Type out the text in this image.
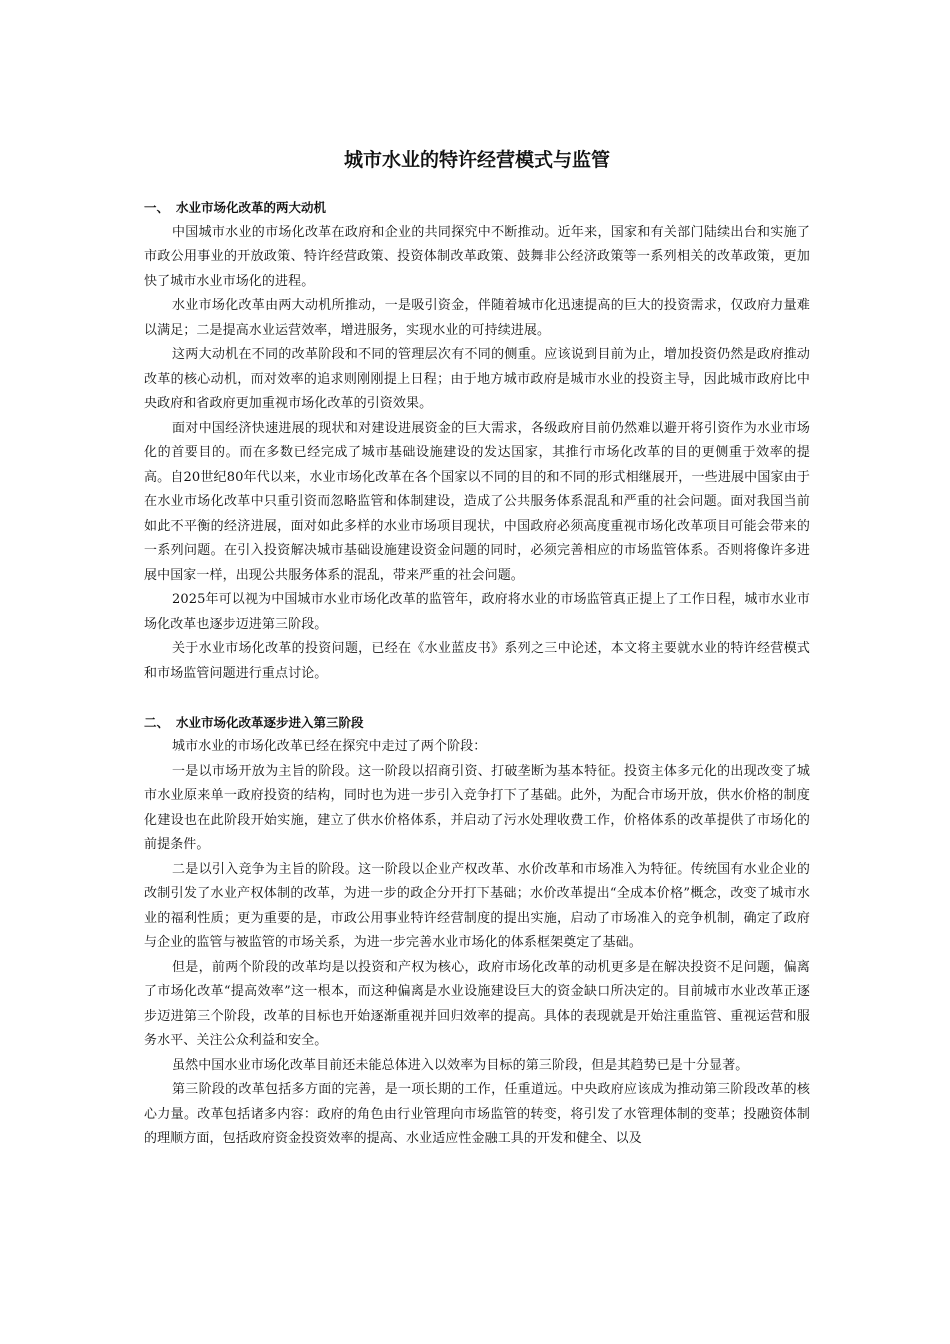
城市水业的特许经营模式与监管
一、 水业市场化改革的两大动机

中国城市水业的市场化改革在政府和企业的共同探究中不断推动。近年来，国家和有关部门陆续出台和实施了市政公用事业的开放政策、特许经营政策、投资体制改革政策、鼓舞非公经济政策等一系列相关的改革政策，更加快了城市水业市场化的进程。

水业市场化改革由两大动机所推动，一是吸引资金，伴随着城市化迅速提高的巨大的投资需求，仅政府力量难以满足；二是提高水业运营效率，增进服务，实现水业的可持续进展。

这两大动机在不同的改革阶段和不同的管理层次有不同的侧重。应该说到目前为止，增加投资仍然是政府推动改革的核心动机，而对效率的追求则刚刚提上日程；由于地方城市政府是城市水业的投资主导，因此城市政府比中央政府和省政府更加重视市场化改革的引资效果。

面对中国经济快速进展的现状和对建设进展资金的巨大需求，各级政府目前仍然难以避开将引资作为水业市场化的首要目的。而在多数已经完成了城市基础设施建设的发达国家，其推行市场化改革的目的更侧重于效率的提高。自20世纪80年代以来，水业市场化改革在各个国家以不同的目的和不同的形式相继展开，一些进展中国家由于在水业市场化改革中只重引资而忽略监管和体制建设，造成了公共服务体系混乱和严重的社会问题。面对我国当前如此不平衡的经济进展，面对如此多样的水业市场项目现状，中国政府必须高度重视市场化改革项目可能会带来的一系列问题。在引入投资解决城市基础设施建设资金问题的同时，必须完善相应的市场监管体系。否则将像许多进展中国家一样，出现公共服务体系的混乱，带来严重的社会问题。

2025年可以视为中国城市水业市场化改革的监管年，政府将水业的市场监管真正提上了工作日程，城市水业市场化改革也逐步迈进第三阶段。

关于水业市场化改革的投资问题，已经在《水业蓝皮书》系列之三中论述，本文将主要就水业的特许经营模式和市场监管问题进行重点讨论。

二、 水业市场化改革逐步进入第三阶段

城市水业的市场化改革已经在探究中走过了两个阶段：

一是以市场开放为主旨的阶段。这一阶段以招商引资、打破垄断为基本特征。投资主体多元化的出现改变了城市水业原来单一政府投资的结构，同时也为进一步引入竞争打下了基础。此外，为配合市场开放，供水价格的制度化建设也在此阶段开始实施，建立了供水价格体系，并启动了污水处理收费工作，价格体系的改革提供了市场化的前提条件。

二是以引入竞争为主旨的阶段。这一阶段以企业产权改革、水价改革和市场准入为特征。传统国有水业企业的改制引发了水业产权体制的改革，为进一步的政企分开打下基础；水价改革提出“全成本价格”概念，改变了城市水业的福利性质；更为重要的是，市政公用事业特许经营制度的提出实施，启动了市场准入的竞争机制，确定了政府与企业的监管与被监管的市场关系，为进一步完善水业市场化的体系框架奠定了基础。

但是，前两个阶段的改革均是以投资和产权为核心，政府市场化改革的动机更多是在解决投资不足问题，偏离了市场化改革“提高效率”这一根本，而这种偏离是水业设施建设巨大的资金缺口所决定的。目前城市水业改革正逐步迈进第三个阶段，改革的目标也开始逐渐重视并回归效率的提高。具体的表现就是开始注重监管、重视运营和服务水平、关注公众利益和安全。

虽然中国水业市场化改革目前还未能总体进入以效率为目标的第三阶段，但是其趋势已是十分显著。

第三阶段的改革包括多方面的完善，是一项长期的工作，任重道远。中央政府应该成为推动第三阶段改革的核心力量。改革包括诸多内容：政府的角色由行业管理向市场监管的转变，将引发了水管理体制的变革；投融资体制的理顺方面，包括政府资金投资效率的提高、水业适应性金融工具的开发和健全、以及
